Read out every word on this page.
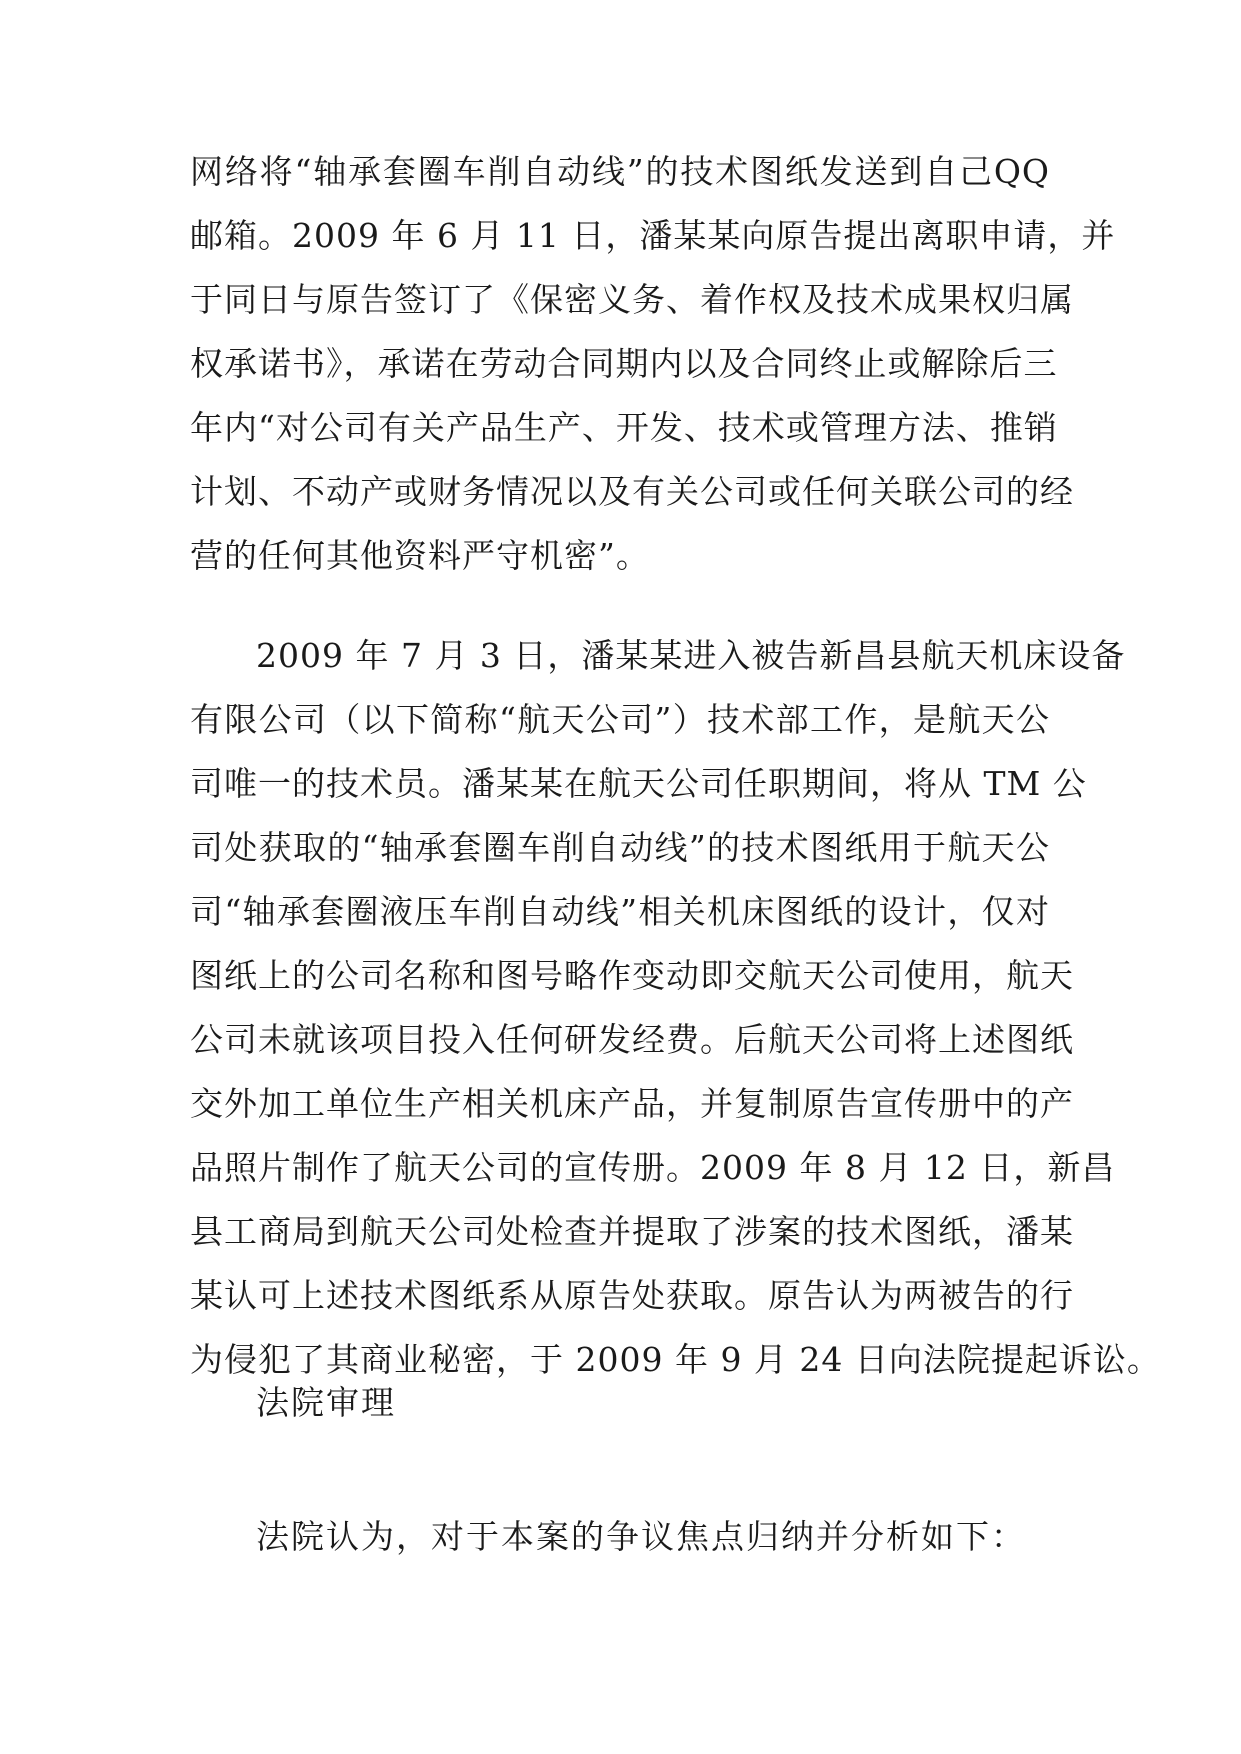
网络将“轴承套圈车削自动线”的技术图纸发送到自己QQ
邮箱。2009 年 6 月 11 日，潘某某向原告提出离职申请，并
于同日与原告签订了《保密义务、着作权及技术成果权归属
权承诺书》，承诺在劳动合同期内以及合同终止或解除后三
年内“对公司有关产品生产、开发、技术或管理方法、推销
计划、不动产或财务情况以及有关公司或任何关联公司的经
营的任何其他资料严守机密”。
2009 年 7 月 3 日，潘某某进入被告新昌县航天机床设备
有限公司（以下简称“航天公司”）技术部工作，是航天公
司唯一的技术员。潘某某在航天公司任职期间，将从 TM 公
司处获取的“轴承套圈车削自动线”的技术图纸用于航天公
司“轴承套圈液压车削自动线”相关机床图纸的设计，仅对
图纸上的公司名称和图号略作变动即交航天公司使用，航天
公司未就该项目投入任何研发经费。后航天公司将上述图纸
交外加工单位生产相关机床产品，并复制原告宣传册中的产
品照片制作了航天公司的宣传册。2009 年 8 月 12 日，新昌
县工商局到航天公司处检查并提取了涉案的技术图纸，潘某
某认可上述技术图纸系从原告处获取。原告认为两被告的行
为侵犯了其商业秘密，于 2009 年 9 月 24 日向法院提起诉讼。
法院审理
法院认为，对于本案的争议焦点归纳并分析如下：
